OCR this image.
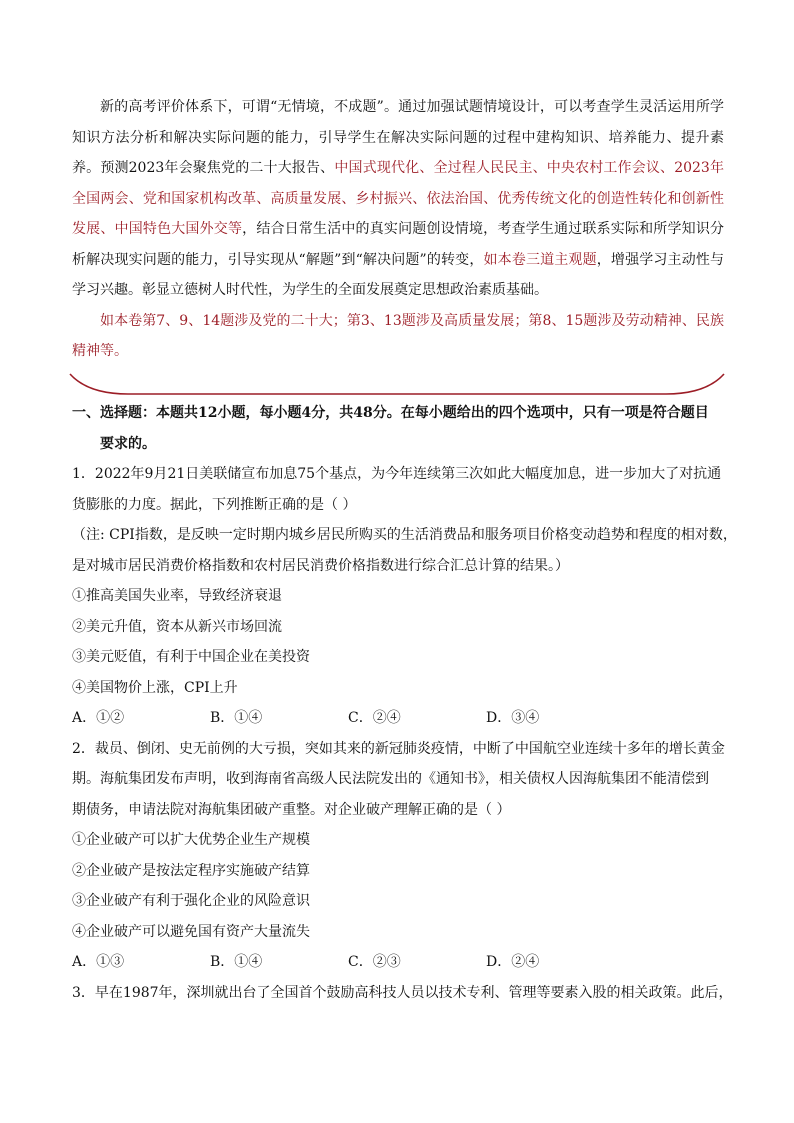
新的高考评价体系下，可谓“无情境，不成题”。通过加强试题情境设计，可以考查学生灵活运用所学知识方法分析和解决实际问题的能力，引导学生在解决实际问题的过程中建构知识、培养能力、提升素养。预测2023年会聚焦党的二十大报告、中国式现代化、全过程人民民主、中央农村工作会议、2023年全国两会、党和国家机构改革、高质量发展、乡村振兴、依法治国、优秀传统文化的创造性转化和创新性发展、中国特色大国外交等，结合日常生活中的真实问题创设情境，考查学生通过联系实际和所学知识分析解决现实问题的能力，引导实现从“解题”到“解决问题”的转变，如本卷三道主观题，增强学习主动性与学习兴趣。彰显立德树人时代性，为学生的全面发展奠定思想政治素质基础。

如本卷第7、9、14题涉及党的二十大；第3、13题涉及高质量发展；第8、15题涉及劳动精神、民族精神等。

一、选择题：本题共12小题，每小题4分，共48分。在每小题给出的四个选项中，只有一项是符合题目
要求的。
1．2022年9月21日美联储宣布加息75个基点，为今年连续第三次如此大幅度加息，进一步加大了对抗通
货膨胀的力度。据此，下列推断正确的是（ ）
（注: CPI指数，是反映一定时期内城乡居民所购买的生活消费品和服务项目价格变动趋势和程度的相对数，
是对城市居民消费价格指数和农村居民消费价格指数进行综合汇总计算的结果。）
①推高美国失业率，导致经济衰退
②美元升值，资本从新兴市场回流
③美元贬值，有利于中国企业在美投资
④美国物价上涨，CPI上升
A．①②	B．①④	C．②④	D．③④
2．裁员、倒闭、史无前例的大亏损，突如其来的新冠肺炎疫情，中断了中国航空业连续十多年的增长黄金
期。海航集团发布声明，收到海南省高级人民法院发出的《通知书》，相关债权人因海航集团不能清偿到
期债务，申请法院对海航集团破产重整。对企业破产理解正确的是（ ）
①企业破产可以扩大优势企业生产规模
②企业破产是按法定程序实施破产结算
③企业破产有利于强化企业的风险意识
④企业破产可以避免国有资产大量流失
A．①③	B．①④	C．②③	D．②④
3．早在1987年，深圳就出台了全国首个鼓励高科技人员以技术专利、管理等要素入股的相关政策。此后，
